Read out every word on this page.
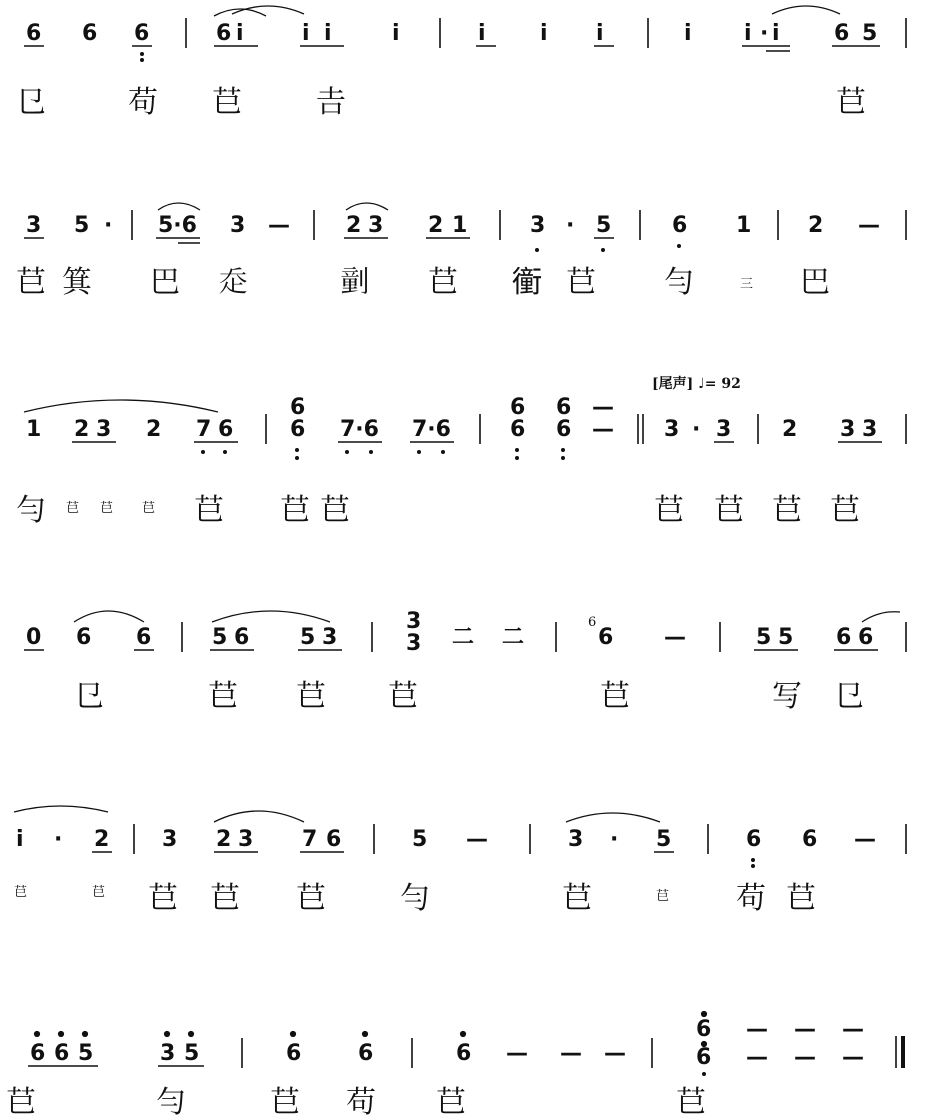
6 6 6	6 i	i i	i	i i i	i i · i 6 5
㔾	苟 𦬊 𠮷	𦬊
3 5 · 5·6 3 —	2 3 2 1	3 · 5	6 1	2 —
𦬊 箕 巴 𧺆	𠟍 𦬊 𧘂 𦬊 勻	三 巴
[尾声] ♩= 92
1 2 3 2 7 6
6
6 7·6 7·6
6
6
6
6
—
— 3 · 3 2 3 3
勻 𦬊 𦬊 𦬊 𦬊 𦬊 𦬊	𦬊 𦬊 𦬊 𦬊
0 6 6	5 6 5 3
3
3 二 二
6
6 —	5 5 6 6
㔾	𦬊 𦬊 𦬊	𦬊	写 㔾
i · 2 3 2 3 7 6	5 —	3 · 5	6 6 —
𦬊	𦬊 𦬊 𦬊 𦬊 勻	𦬊	𦬊 苟 𦬊
6 6 5	3 5	6	6	6 — — —
6
6
— — —
— — —
𦬊	勻	𦬊 苟 𦬊	𦬊
